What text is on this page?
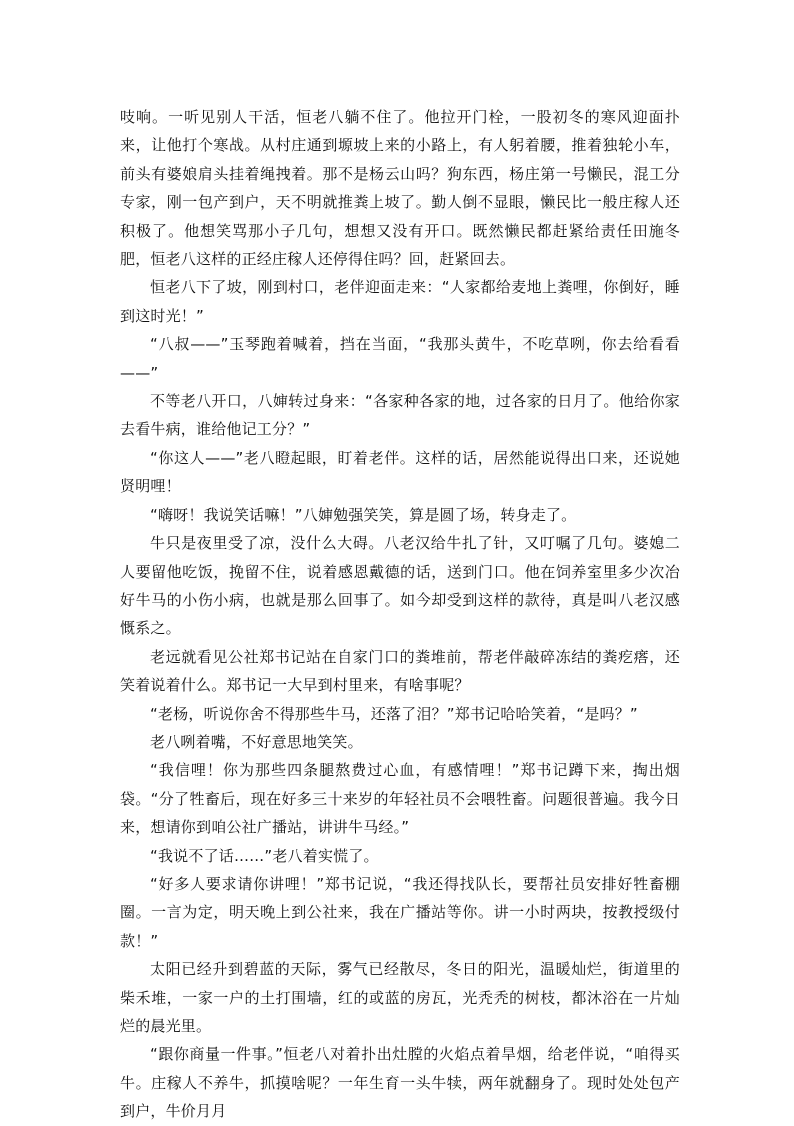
吱响。一听见别人干活，恒老八躺不住了。他拉开门栓，一股初冬的寒风迎面扑来，让他打个寒战。从村庄通到塬坡上来的小路上，有人躬着腰，推着独轮小车，前头有婆娘肩头挂着绳拽着。那不是杨云山吗？狗东西，杨庄第一号懒民，混工分专家，刚一包产到户，天不明就推粪上坡了。勤人倒不显眼，懒民比一般庄稼人还积极了。他想笑骂那小子几句，想想又没有开口。既然懒民都赶紧给责任田施冬肥，恒老八这样的正经庄稼人还停得住吗？回，赶紧回去。

恒老八下了坡，刚到村口，老伴迎面走来：“人家都给麦地上粪哩，你倒好，睡到这时光！”

“八叔——”玉琴跑着喊着，挡在当面，“我那头黄牛，不吃草咧，你去给看看——”

不等老八开口，八婶转过身来：“各家种各家的地，过各家的日月了。他给你家去看牛病，谁给他记工分？”

“你这人——”老八瞪起眼，盯着老伴。这样的话，居然能说得出口来，还说她贤明哩！

“嗨呀！我说笑话嘛！”八婶勉强笑笑，算是圆了场，转身走了。

牛只是夜里受了凉，没什么大碍。八老汉给牛扎了针，又叮嘱了几句。婆媳二人要留他吃饭，挽留不住，说着感恩戴德的话，送到门口。他在饲养室里多少次冶好牛马的小伤小病，也就是那么回事了。如今却受到这样的款待，真是叫八老汉感慨系之。

老远就看见公社郑书记站在自家门口的粪堆前，帮老伴敲碎冻结的粪疙瘩，还笑着说着什么。郑书记一大早到村里来，有啥事呢？

“老杨，听说你舍不得那些牛马，还落了泪？”郑书记哈哈笑着，“是吗？”

老八咧着嘴，不好意思地笑笑。

“我信哩！你为那些四条腿熬费过心血，有感情哩！”郑书记蹲下来，掏出烟袋。“分了牲畜后，现在好多三十来岁的年轻社员不会喂牲畜。问题很普遍。我今日来，想请你到咱公社广播站，讲讲牛马经。”

“我说不了话……”老八着实慌了。

“好多人要求请你讲哩！”郑书记说，“我还得找队长，要帮社员安排好牲畜棚圈。一言为定，明天晚上到公社来，我在广播站等你。讲一小时两块，按教授级付款！”

太阳已经升到碧蓝的天际，雾气已经散尽，冬日的阳光，温暖灿烂，街道里的柴禾堆，一家一户的土打围墙，红的或蓝的房瓦，光秃秃的树枝，都沐浴在一片灿烂的晨光里。

“跟你商量一件事。”恒老八对着扑出灶膛的火焰点着旱烟，给老伴说，“咱得买牛。庄稼人不养牛，抓摸啥呢？一年生育一头牛犊，两年就翻身了。现时处处包产到户，牛价月月
